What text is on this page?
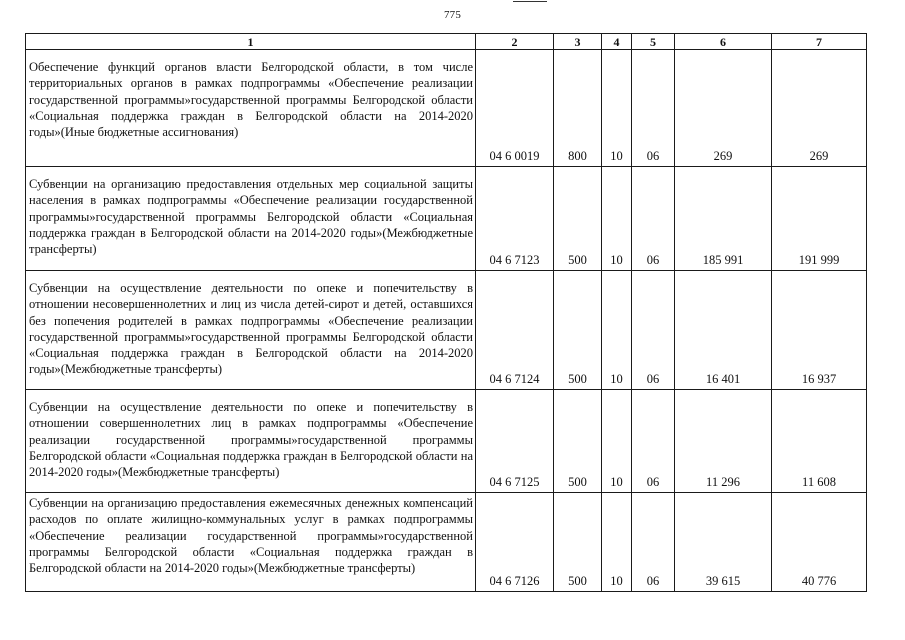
775
1	2	3	4	5	6	7
Обеспечение функций органов власти Белгородской области, в том числе территориальных органов в рамках подпрограммы «Обеспечение реализации государственной программы»государственной программы Белгородской области «Социальная поддержка граждан в Белгородской области на 2014-2020 годы»(Иные бюджетные ассигнования)	04 6 0019	800	10	06	269	269
Субвенции на организацию предоставления отдельных мер социальной защиты населения в рамках подпрограммы «Обеспечение реализации государственной программы»государственной программы Белгородской области «Социальная поддержка граждан в Белгородской области на 2014-2020 годы»(Межбюджетные трансферты)	04 6 7123	500	10	06	185 991	191 999
Субвенции на осуществление деятельности по опеке и попечительству в отношении несовершеннолетних и лиц из числа детей-сирот и детей, оставшихся без попечения родителей в рамках подпрограммы «Обеспечение реализации государственной программы»государственной программы Белгородской области «Социальная поддержка граждан в Белгородской области на 2014-2020 годы»(Межбюджетные трансферты)	04 6 7124	500	10	06	16 401	16 937
Субвенции на осуществление деятельности по опеке и попечительству в отношении совершеннолетних лиц в рамках подпрограммы «Обеспечение реализации государственной программы»государственной программы Белгородской области «Социальная поддержка граждан в Белгородской области на 2014-2020 годы»(Межбюджетные трансферты)	04 6 7125	500	10	06	11 296	11 608
Субвенции на организацию предоставления ежемесячных денежных компенсаций расходов по оплате жилищно-коммунальных услуг в рамках подпрограммы «Обеспечение реализации государственной программы»государственной программы Белгородской области «Социальная поддержка граждан в Белгородской области на 2014-2020 годы»(Межбюджетные трансферты)	04 6 7126	500	10	06	39 615	40 776
